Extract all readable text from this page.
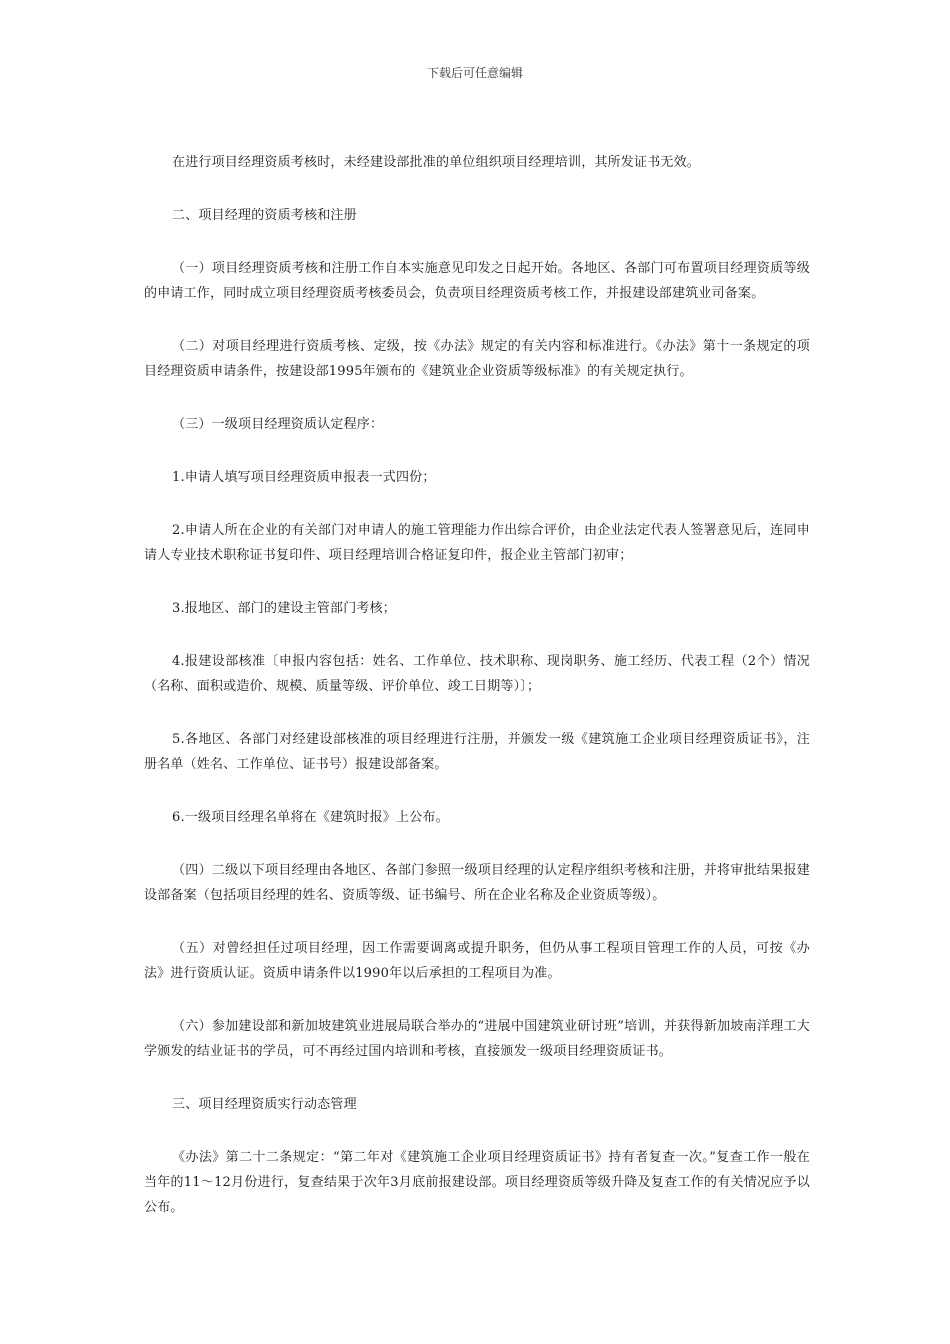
下载后可任意编辑

在进行项目经理资质考核时，未经建设部批准的单位组织项目经理培训，其所发证书无效。

二、项目经理的资质考核和注册

（一）项目经理资质考核和注册工作自本实施意见印发之日起开始。各地区、各部门可布置项目经理资质等级的申请工作，同时成立项目经理资质考核委员会，负责项目经理资质考核工作，并报建设部建筑业司备案。

（二）对项目经理进行资质考核、定级，按《办法》规定的有关内容和标准进行。《办法》第十一条规定的项目经理资质申请条件，按建设部1995年颁布的《建筑业企业资质等级标准》的有关规定执行。

（三）一级项目经理资质认定程序：

1.申请人填写项目经理资质申报表一式四份；

2.申请人所在企业的有关部门对申请人的施工管理能力作出综合评价，由企业法定代表人签署意见后，连同申请人专业技术职称证书复印件、项目经理培训合格证复印件，报企业主管部门初审；

3.报地区、部门的建设主管部门考核；

4.报建设部核准〔申报内容包括：姓名、工作单位、技术职称、现岗职务、施工经历、代表工程（2个）情况（名称、面积或造价、规模、质量等级、评价单位、竣工日期等）〕；

5.各地区、各部门对经建设部核准的项目经理进行注册，并颁发一级《建筑施工企业项目经理资质证书》，注册名单（姓名、工作单位、证书号）报建设部备案。

6.一级项目经理名单将在《建筑时报》上公布。

（四）二级以下项目经理由各地区、各部门参照一级项目经理的认定程序组织考核和注册，并将审批结果报建设部备案（包括项目经理的姓名、资质等级、证书编号、所在企业名称及企业资质等级）。

（五）对曾经担任过项目经理，因工作需要调离或提升职务，但仍从事工程项目管理工作的人员，可按《办法》进行资质认证。资质申请条件以1990年以后承担的工程项目为准。

（六）参加建设部和新加坡建筑业进展局联合举办的“进展中国建筑业研讨班”培训，并获得新加坡南洋理工大学颁发的结业证书的学员，可不再经过国内培训和考核，直接颁发一级项目经理资质证书。

三、项目经理资质实行动态管理

《办法》第二十二条规定：“第二年对《建筑施工企业项目经理资质证书》持有者复查一次。”复查工作一般在当年的11～12月份进行，复查结果于次年3月底前报建设部。项目经理资质等级升降及复查工作的有关情况应予以公布。
